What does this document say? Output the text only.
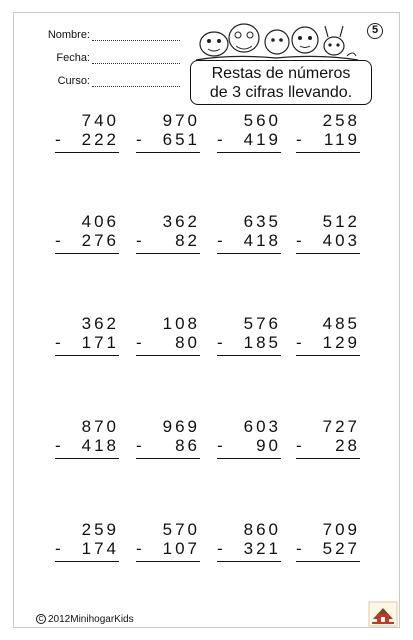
Nombre:
Fecha:
Curso:
5
Restas de números
de 3 cifras llevando.
740
-	222
970
-	651
560
-	419
258
-	119
406
-	276
362
-	82
635
-	418
512
-	403
362
-	171
108
-	80
576
-	185
485
-	129
870
-	418
969
-	86
603
-	90
727
-	28
259
-	174
570
-	107
860
-	321
709
-	527
C 2012MinihogarKids
